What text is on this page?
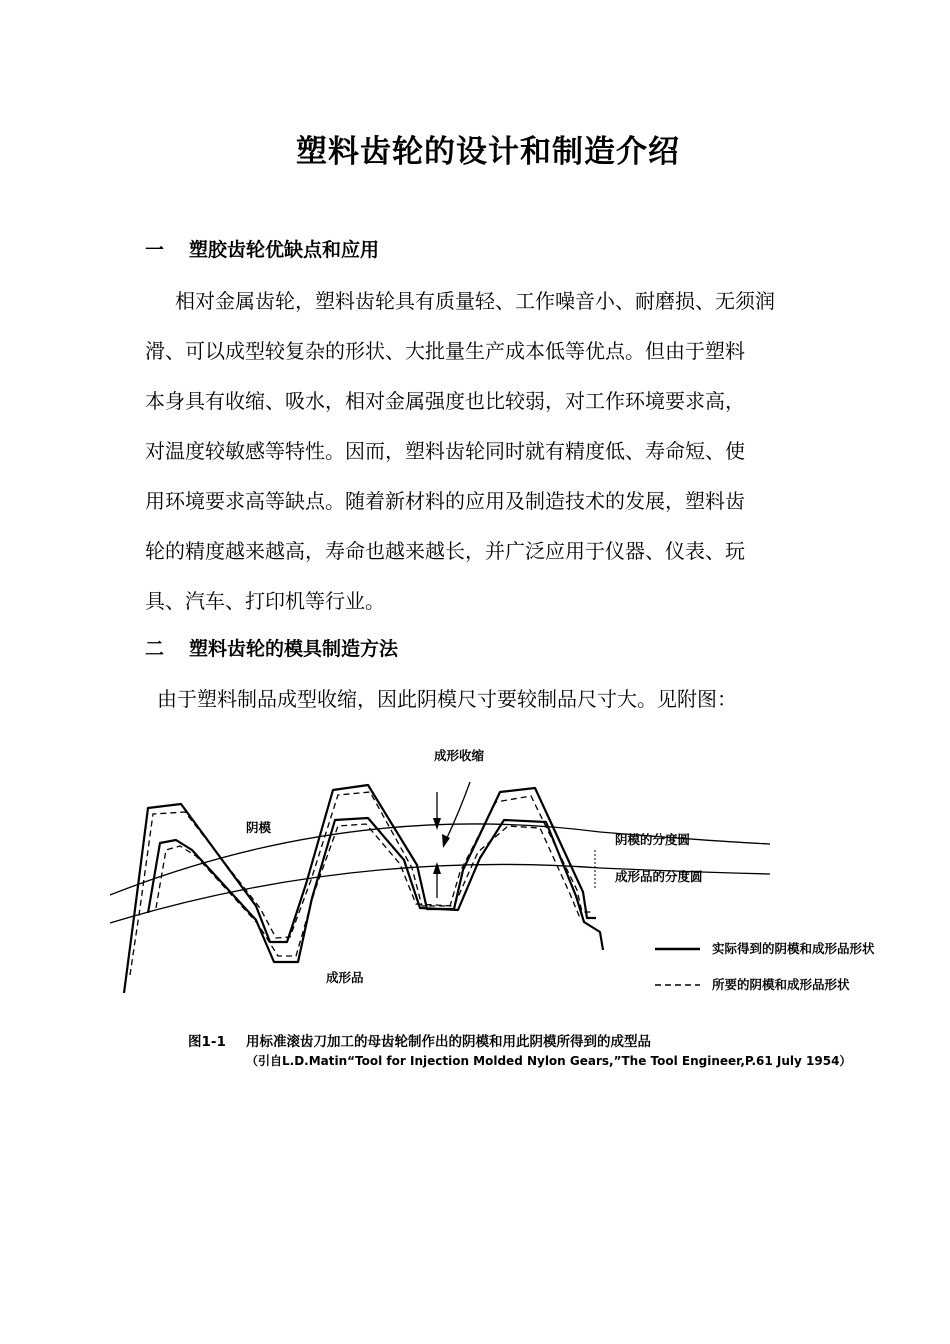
塑料齿轮的设计和制造介绍
一 塑胶齿轮优缺点和应用
相对金属齿轮，塑料齿轮具有质量轻、工作噪音小、耐磨损、无须润
滑、可以成型较复杂的形状、大批量生产成本低等优点。但由于塑料
本身具有收缩、吸水，相对金属强度也比较弱，对工作环境要求高，
对温度较敏感等特性。因而，塑料齿轮同时就有精度低、寿命短、使
用环境要求高等缺点。随着新材料的应用及制造技术的发展，塑料齿
轮的精度越来越高，寿命也越来越长，并广泛应用于仪器、仪表、玩
具、汽车、打印机等行业。
二 塑料齿轮的模具制造方法
由于塑料制品成型收缩，因此阴模尺寸要较制品尺寸大。见附图：
成形收缩
阴模
阴模的分度圆
成形品的分度圆
成形品
实际得到的阴模和成形品形状
所要的阴模和成形品形状
图1-1 用标准滚齿刀加工的母齿轮制作出的阴模和用此阴模所得到的成型品
（引自L.D.Matin“Tool for Injection Molded Nylon Gears,”The Tool Engineer,P.61 July 1954）
